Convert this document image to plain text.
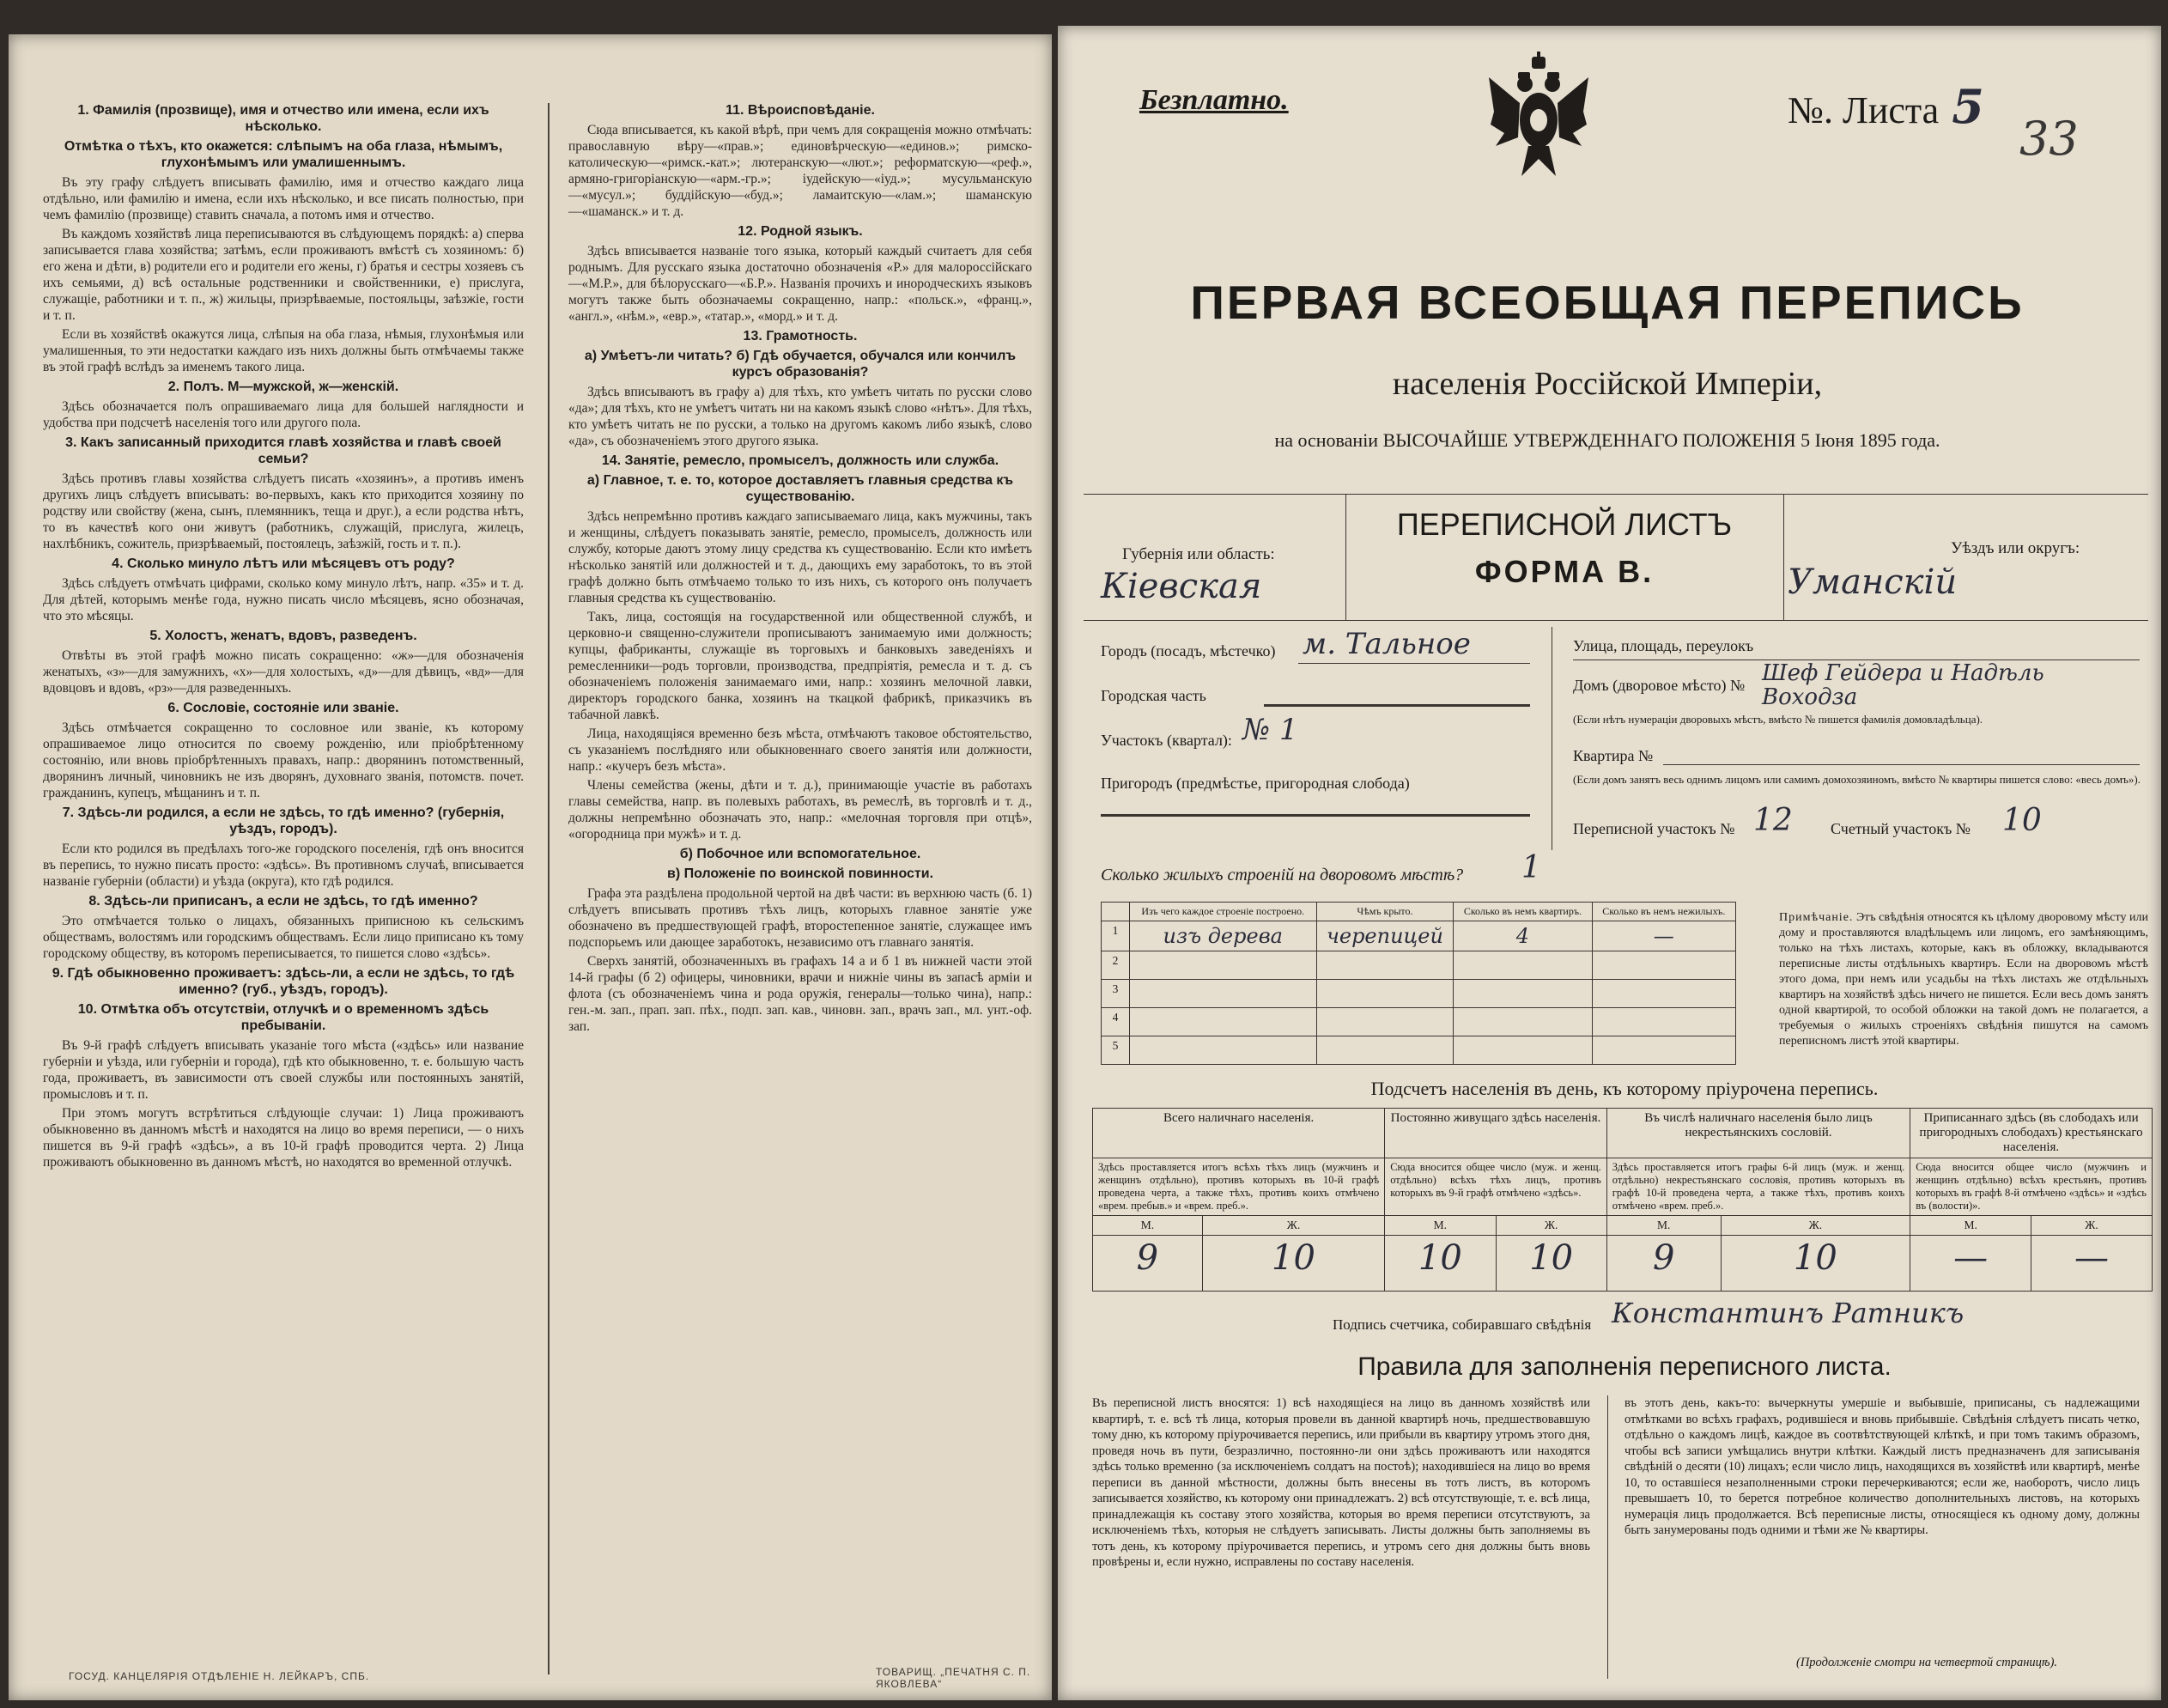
1. Фамилія (прозвище), имя и отчество или имена, если ихъ нѣсколько.
Отмѣтка о тѣхъ, кто окажется: слѣпымъ на оба глаза, нѣмымъ, глухонѣмымъ или умалишеннымъ.

Въ эту графу слѣдуетъ вписывать фамилію, имя и отчество каждаго лица отдѣльно, или фамилію и имена, если ихъ нѣсколько, и все писать полностью, при чемъ фамилію (прозвище) ставить сначала, а потомъ имя и отчество.

Въ каждомъ хозяйствѣ лица переписываются въ слѣдующемъ порядкѣ: а) сперва записывается глава хозяйства; затѣмъ, если проживаютъ вмѣстѣ съ хозяиномъ: б) его жена и дѣти, в) родители его и родители его жены, г) братья и сестры хозяевъ съ ихъ семьями, д) всѣ остальные родственники и свойственники, е) прислуга, служащіе, работники и т. п., ж) жильцы, призрѣваемые, постояльцы, заѣзжіе, гости и т. п.

Если въ хозяйствѣ окажутся лица, слѣпыя на оба глаза, нѣмыя, глухонѣмыя или умалишенныя, то эти недостатки каждаго изъ нихъ должны быть отмѣчаемы также въ этой графѣ вслѣдъ за именемъ такого лица.

2. Полъ. М—мужской, ж—женскій.

Здѣсь обозначается полъ опрашиваемаго лица для большей наглядности и удобства при подсчетѣ населенія того или другого пола.

3. Какъ записанный приходится главѣ хозяйства и главѣ своей семьи?

Здѣсь противъ главы хозяйства слѣдуетъ писать «хозяинъ», а противъ именъ другихъ лицъ слѣдуетъ вписывать: во-первыхъ, какъ кто приходится хозяину по родству или свойству (жена, сынъ, племянникъ, теща и друг.), а если родства нѣтъ, то въ качествѣ кого они живутъ (работникъ, служащій, прислуга, жилецъ, нахлѣбникъ, сожитель, призрѣваемый, постоялецъ, заѣзжій, гость и т. п.).

4. Сколько минуло лѣтъ или мѣсяцевъ отъ роду?

Здѣсь слѣдуетъ отмѣчать цифрами, сколько кому минуло лѣтъ, напр. «35» и т. д. Для дѣтей, которымъ менѣе года, нужно писать число мѣсяцевъ, ясно обозначая, что это мѣсяцы.

5. Холостъ, женатъ, вдовъ, разведенъ.

Отвѣты въ этой графѣ можно писать сокращенно: «ж»—для обозначенія женатыхъ, «з»—для замужнихъ, «х»—для холостыхъ, «д»—для дѣвицъ, «вд»—для вдовцовъ и вдовъ, «рз»—для разведенныхъ.

6. Сословіе, состояніе или званіе.

Здѣсь отмѣчается сокращенно то сословное или званіе, къ которому опрашиваемое лицо относится по своему рожденію, или пріобрѣтенному состоянію, или вновь пріобрѣтенныхъ правахъ, напр.: дворянинъ потомственный, дворянинъ личный, чиновникъ не изъ дворянъ, духовнаго званія, потомств. почет. гражданинъ, купецъ, мѣщанинъ и т. п.

7. Здѣсь-ли родился, а если не здѣсь, то гдѣ именно? (губернія, уѣздъ, городъ).

Если кто родился въ предѣлахъ того-же городского поселенія, гдѣ онъ вносится въ перепись, то нужно писать просто: «здѣсь». Въ противномъ случаѣ, вписывается названіе губерніи (области) и уѣзда (округа), кто гдѣ родился.

8. Здѣсь-ли приписанъ, а если не здѣсь, то гдѣ именно?

Это отмѣчается только о лицахъ, обязанныхъ приписною къ сельскимъ обществамъ, волостямъ или городскимъ обществамъ. Если лицо приписано къ тому городскому обществу, въ которомъ переписывается, то пишется слово «здѣсь».

9. Гдѣ обыкновенно проживаетъ: здѣсь-ли, а если не здѣсь, то гдѣ именно? (губ., уѣздъ, городъ).
10. Отмѣтка объ отсутствіи, отлучкѣ и о временномъ здѣсь пребываніи.

Въ 9-й графѣ слѣдуетъ вписывать указаніе того мѣста («здѣсь» или название губерніи и уѣзда, или губерніи и города), гдѣ кто обыкновенно, т. е. большую часть года, проживаетъ, въ зависимости отъ своей службы или постоянныхъ занятій, промысловъ и т. п.

При этомъ могутъ встрѣтиться слѣдующіе случаи: 1) Лица проживаютъ обыкновенно въ данномъ мѣстѣ и находятся на лицо во время переписи, — о нихъ пишется въ 9-й графѣ «здѣсь», а въ 10-й графѣ проводится черта. 2) Лица проживаютъ обыкновенно въ данномъ мѣстѣ, но находятся во временной отлучкѣ.

11. Вѣроисповѣданіе.

Сюда вписывается, къ какой вѣрѣ, при чемъ для сокращенія можно отмѣчать: православную вѣру—«прав.»; единовѣрческую—«единов.»; римско-католическую—«римск.-кат.»; лютеранскую—«лют.»; реформатскую—«реф.», армяно-григоріанскую—«арм.-гр.»; іудейскую—«іуд.»; мусульманскую—«мусул.»; буддійскую—«буд.»; ламаитскую—«лам.»; шаманскую—«шаманск.» и т. д.

12. Родной языкъ.

Здѣсь вписывается названіе того языка, который каждый считаетъ для себя роднымъ. Для русскаго языка достаточно обозначенія «Р.» для малороссійскаго—«М.Р.», для бѣлорусскаго—«Б.Р.». Названія прочихъ и инородческихъ языковъ могутъ также быть обозначаемы сокращенно, напр.: «польск.», «франц.», «англ.», «нѣм.», «евр.», «татар.», «морд.» и т. д.

13. Грамотность.
а) Умѣетъ-ли читать? б) Гдѣ обучается, обучался или кончилъ курсъ образованія?

Здѣсь вписываютъ въ графу а) для тѣхъ, кто умѣетъ читать по русски слово «да»; для тѣхъ, кто не умѣетъ читать ни на какомъ языкѣ слово «нѣтъ». Для тѣхъ, кто умѣетъ читать не по русски, а только на другомъ какомъ либо языкѣ, слово «да», съ обозначеніемъ этого другого языка.

14. Занятіе, ремесло, промыселъ, должность или служба.
а) Главное, т. е. то, которое доставляетъ главныя средства къ существованію.

Здѣсь непремѣнно противъ каждаго записываемаго лица, какъ мужчины, такъ и женщины, слѣдуетъ показывать занятіе, ремесло, промыселъ, должность или службу, которые даютъ этому лицу средства къ существованію. Если кто имѣетъ нѣсколько занятій или должностей и т. д., дающихъ ему заработокъ, то въ этой графѣ должно быть отмѣчаемо только то изъ нихъ, съ которого онъ получаетъ главныя средства къ существованію.

Такъ, лица, состоящія на государственной или общественной службѣ, и церковно-и священно-служители прописываютъ занимаемую ими должность; купцы, фабриканты, служащіе въ торговыхъ и банковыхъ заведеніяхъ и ремесленники—родъ торговли, производства, предпріятія, ремесла и т. д. съ обозначеніемъ положенія занимаемаго ими, напр.: хозяинъ мелочной лавки, директоръ городского банка, хозяинъ на ткацкой фабрикѣ, приказчикъ въ табачной лавкѣ.

Лица, находящіяся временно безъ мѣста, отмѣчаютъ таковое обстоятельство, съ указаніемъ послѣдняго или обыкновеннаго своего занятія или должности, напр.: «кучеръ безъ мѣста».

Члены семейства (жены, дѣти и т. д.), принимающіе участіе въ работахъ главы семейства, напр. въ полевыхъ работахъ, въ ремеслѣ, въ торговлѣ и т. д., должны непремѣнно обозначать это, напр.: «мелочная торговля при отцѣ», «огородница при мужѣ» и т. д.

б) Побочное или вспомогательное.
в) Положеніе по воинской повинности.

Графа эта раздѣлена продольной чертой на двѣ части: въ верхнюю часть (б. 1) слѣдуетъ вписывать противъ тѣхъ лицъ, которыхъ главное занятіе уже обозначено въ предшествующей графѣ, второстепенное занятіе, служащее имъ подспорьемъ или дающее заработокъ, независимо отъ главнаго занятія.

Сверхъ занятій, обозначенныхъ въ графахъ 14 а и б 1 въ нижней части этой 14-й графы (б 2) офицеры, чиновники, врачи и нижніе чины въ запасѣ арміи и флота (съ обозначеніемъ чина и рода оружія, генералы—только чина), напр.: ген.-м. зап., прап. зап. пѣх., подп. зап. кав., чиновн. зап., врачъ зап., мл. унт.-оф. зап.

ГОСУД. КАНЦЕЛЯРІЯ ОТДѢЛЕНІЕ Н. ЛЕЙКАРЪ, СПБ.	ТОВАРИЩ. „ПЕЧАТНЯ С. П. ЯКОВЛЕВА“
Безплатно.	№. Листа 5
33
ПЕРВАЯ ВСЕОБЩАЯ ПЕРЕПИСЬ
населенія Россійской Имперіи,
на основаніи ВЫСОЧАЙШЕ УТВЕРЖДЕННАГО ПОЛОЖЕНІЯ 5 Іюня 1895 года.
ПЕРЕПИСНОЙ ЛИСТЪ
ФОРМА В.
Губернія или область:
Кіевская
Уѣздъ или округъ:
Уманскій
Городъ (посадъ, мѣстечко) м. Тальное
Городская часть
Участокъ (квартал): № 1
Пригородъ (предмѣстье, пригородная слобода)
Улица, площадь, переулокъ
Домъ (дворовое мѣсто) № Шеф Гейдера и Надѣль Воходза
(Если нѣтъ нумераціи дворовыхъ мѣстъ, вмѣсто № пишется фамилія домовладѣльца).
Квартира №
(Если домъ занятъ весь однимъ лицомъ или самимъ домохозяиномъ, вмѣсто № квартиры пишется слово: «весь домъ»).
Переписной участокъ № 12 Счетный участокъ № 10
Сколько жилыхъ строеній на дворовомъ мѣстѣ? 1
	Изъ чего каждое строеніе построено.	Чѣмъ крыто.	Сколько въ немъ квартиръ.	Сколько въ немъ нежилыхъ.
1	изъ дерева	черепицей	4	—
2				
3				
4				
5				
Примѣчаніе. Этъ свѣдѣнія относятся къ цѣлому дворовому мѣсту или дому и проставляются владѣльцемъ или лицомъ, его замѣняющимъ, только на тѣхъ листахъ, которые, какъ въ обложку, вкладываются переписные листы отдѣльныхъ квартиръ. Если на дворовомъ мѣстѣ этого дома, при немъ или усадьбы на тѣхъ листахъ же отдѣльныхъ квартиръ на хозяйствѣ здѣсь ничего не пишется. Если весь домъ занятъ одной квартирой, то особой обложки на такой домъ не полагается, а требуемыя о жилыхъ строеніяхъ свѣдѣнія пишутся на самомъ переписномъ листѣ этой квартиры.
Подсчетъ населенія въ день, къ которому пріурочена перепись.
Всего наличнаго населенія.		Постоянно живущаго здѣсь населенія.		Въ числѣ наличнаго населенія было лицъ некрестьянскихъ сословій.		Приписаннаго здѣсь (въ слободахъ или пригородныхъ слободахъ) крестьянскаго населенія.	
Здѣсь проставляется итогъ всѣхъ тѣхъ лицъ (мужчинъ и женщинъ отдѣльно), противъ которыхъ въ 10-й графѣ проведена черта, а также тѣхъ, противъ коихъ отмѣчено «врем. пребыв.» и «врем. преб.».		Сюда вносится общее число (муж. и женщ. отдѣльно) всѣхъ тѣхъ лицъ, противъ которыхъ въ 9-й графѣ отмѣчено «здѣсь».		Здѣсь проставляется итогъ графы 6-й лицъ (муж. и женщ. отдѣльно) некрестьянскаго сословія, противъ которыхъ въ графѣ 10-й проведена черта, а также тѣхъ, противъ коихъ отмѣчено «врем. преб.».		Сюда вносится общее число (мужчинъ и женщинъ отдѣльно) всѣхъ крестьянъ, противъ которыхъ въ графѣ 8-й отмѣчено «здѣсь» и «здѣсь въ (волости)».	
М.	Ж.	М.	Ж.	М.	Ж.	М.	Ж.
9	10	10	10	9	10	—	—
Подпись счетчика, собиравшаго свѣдѣнія Константинъ Ратникъ
Правила для заполненія переписного листа.
Въ переписной листъ вносятся: 1) всѣ находящіеся на лицо въ данномъ хозяйствѣ или квартирѣ, т. е. всѣ тѣ лица, которыя провели въ данной квартирѣ ночь, предшествовавшую тому дню, къ которому пріурочивается перепись, или прибыли въ квартиру утромъ этого дня, проведя ночь въ пути, безразлично, постоянно-ли они здѣсь проживаютъ или находятся здѣсь только временно (за исключеніемъ солдатъ на постоѣ); находившіеся на лицо во время переписи въ данной мѣстности, должны быть внесены въ тотъ листъ, въ которомъ записывается хозяйство, къ которому они принадлежатъ. 2) всѣ отсутствующіе, т. е. всѣ лица, принадлежащія къ составу этого хозяйства, которыя во время переписи отсутствуютъ, за исключеніемъ тѣхъ, которыя не слѣдуетъ записывать. Листы должны быть заполняемы въ тотъ день, къ которому пріурочивается перепись, и утромъ сего дня должны быть вновь провѣрены и, если нужно, исправлены по составу населенія.
въ этотъ день, какъ-то: вычеркнуты умершіе и выбывшіе, приписаны, съ надлежащими отмѣтками во всѣхъ графахъ, родившіеся и вновь прибывшіе. Свѣдѣнія слѣдуетъ писать четко, отдѣльно о каждомъ лицѣ, каждое въ соотвѣтствующей клѣткѣ, и при томъ такимъ образомъ, чтобы всѣ записи умѣщались внутри клѣтки. Каждый листъ предназначенъ для записыванія свѣдѣній о десяти (10) лицахъ; если число лицъ, находящихся въ хозяйствѣ или квартирѣ, менѣе 10, то оставшіеся незаполненными строки перечеркиваются; если же, наоборотъ, число лицъ превышаетъ 10, то берется потребное количество дополнительныхъ листовъ, на которыхъ нумерація лицъ продолжается. Всѣ переписные листы, относящіеся къ одному дому, должны быть занумерованы подъ одними и тѣми же № квартиры.
(Продолженіе смотри на четвертой страницѣ).
